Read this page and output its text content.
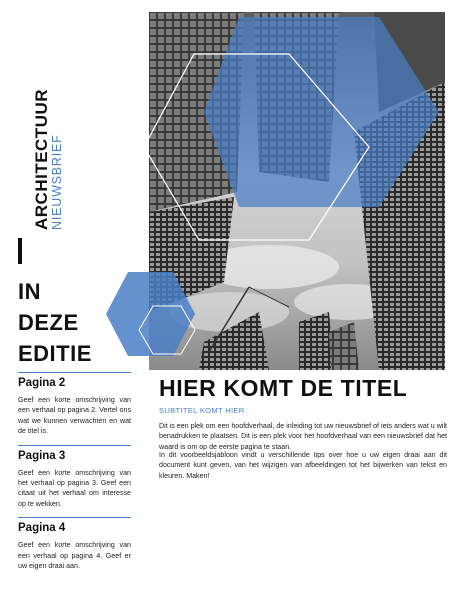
ARCHITECTUUR NIEUWSBRIEF
IN
DEZE
EDITIE
Pagina 2

Geef een korte omschrijving van een verhaal op pagina 2. Vertel ons wat we kunnen verwachten en wat de titel is.

Pagina 3

Geef een korte omschrijving van het verhaal op pagina 3. Geef een citaat uit het verhaal om interesse op te wekken.

Pagina 4

Geef een korte omschrijving van een verhaal op pagina 4. Geef er uw eigen draai aan.

HIER KOMT DE TITEL
SUBTITEL KOMT HIER

Dit is een plek om een hoofdverhaal, de inleiding tot uw nieuwsbrief of iets anders wat u wilt benadrukken te plaatsen. Dit is een plek voor het hoofdverhaal van een nieuwsbrief dat het waard is om op de eerste pagina te staan.

In dit voorbeeldsjabloon vindt u verschillende tips over hoe u uw eigen draai aan dit document kunt geven, van het wijzigen van afbeeldingen tot het bijwerken van tekst en kleuren. Maken!
